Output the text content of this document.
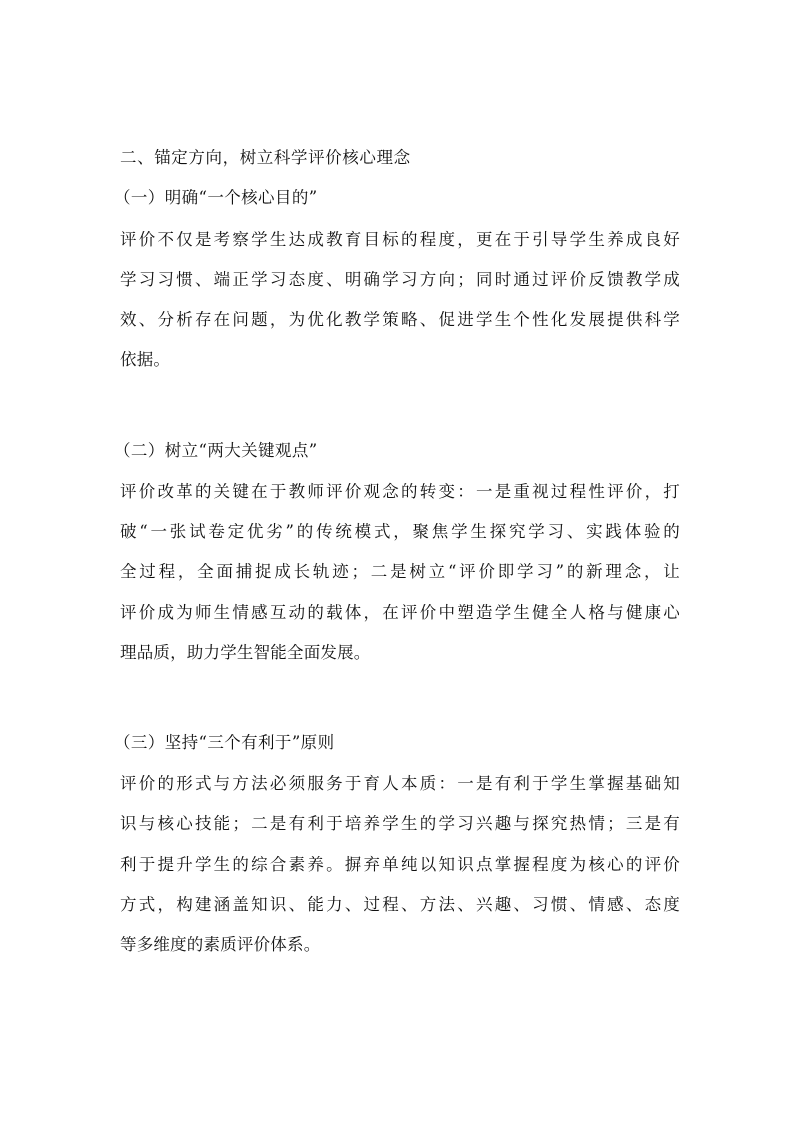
二、锚定方向，树立科学评价核心理念
（一）明确“一个核心目的”
评价不仅是考察学生达成教育目标的程度，更在于引导学生养成良好
学习习惯、端正学习态度、明确学习方向；同时通过评价反馈教学成
效、分析存在问题，为优化教学策略、促进学生个性化发展提供科学
依据。
（二）树立“两大关键观点”
评价改革的关键在于教师评价观念的转变：一是重视过程性评价，打
破“一张试卷定优劣”的传统模式，聚焦学生探究学习、实践体验的
全过程，全面捕捉成长轨迹；二是树立“评价即学习”的新理念，让
评价成为师生情感互动的载体，在评价中塑造学生健全人格与健康心
理品质，助力学生智能全面发展。
（三）坚持“三个有利于”原则
评价的形式与方法必须服务于育人本质：一是有利于学生掌握基础知
识与核心技能；二是有利于培养学生的学习兴趣与探究热情；三是有
利于提升学生的综合素养。摒弃单纯以知识点掌握程度为核心的评价
方式，构建涵盖知识、能力、过程、方法、兴趣、习惯、情感、态度
等多维度的素质评价体系。
